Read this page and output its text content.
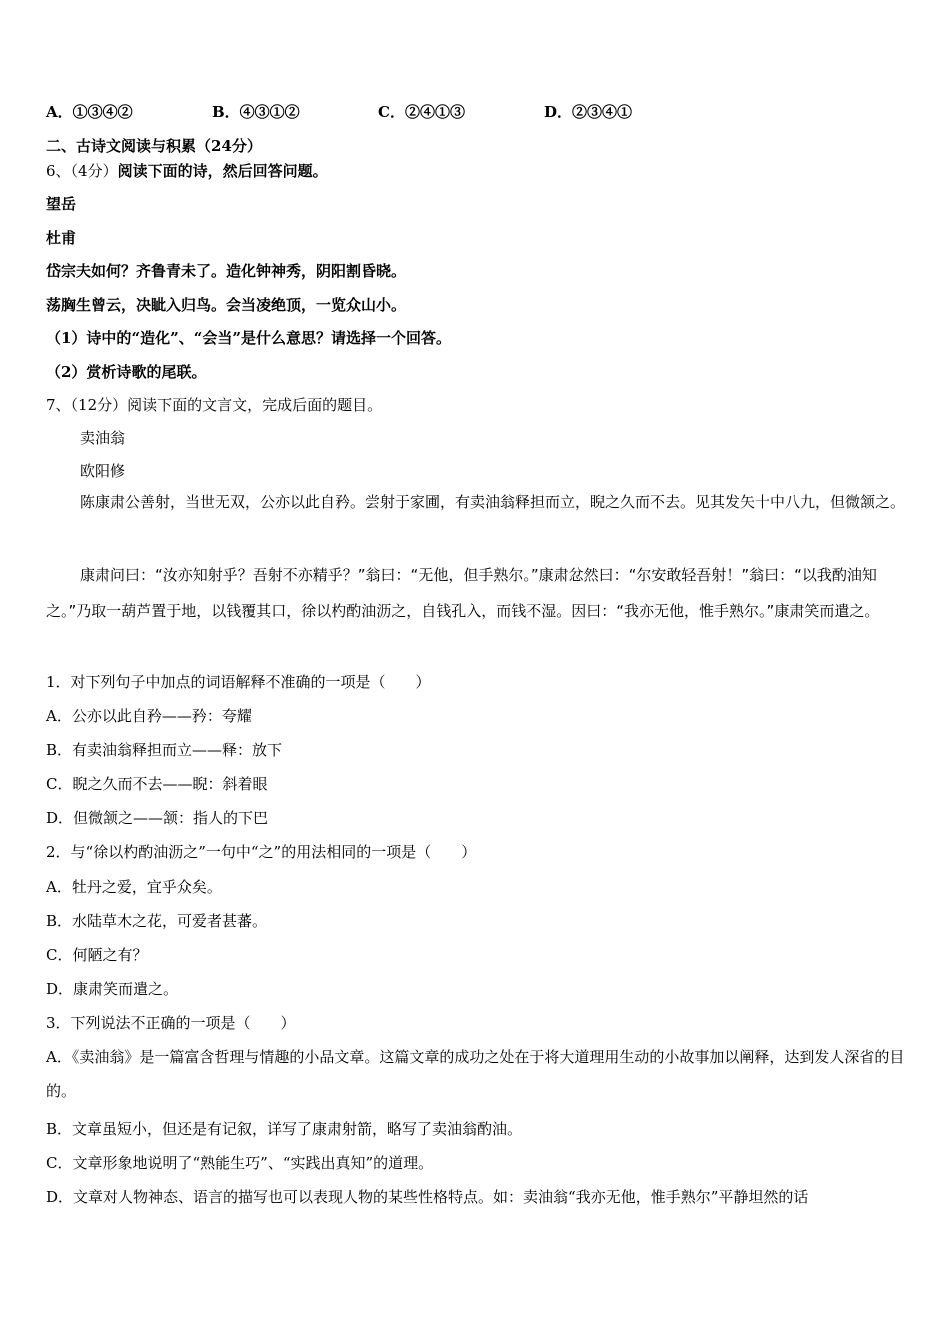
A．①③④②	B．④③①②	C．②④①③	D．②③④①
二、古诗文阅读与积累（24分）
6、（4分）阅读下面的诗，然后回答问题。
望岳
杜甫
岱宗夫如何？齐鲁青未了。造化钟神秀，阴阳割昏晓。
荡胸生曾云，决眦入归鸟。会当凌绝顶，一览众山小。
（1）诗中的“造化”、“会当”是什么意思？请选择一个回答。
（2）赏析诗歌的尾联。
7、（12分）阅读下面的文言文，完成后面的题目。
卖油翁
欧阳修
陈康肃公善射，当世无双，公亦以此自矜。尝射于家圃，有卖油翁释担而立，睨之久而不去。见其发矢十中八九，但微颔之。
康肃问曰：“汝亦知射乎？吾射不亦精乎？”翁曰：“无他，但手熟尔。”康肃忿然曰：“尔安敢轻吾射！”翁曰：“以我酌油知之。”乃取一葫芦置于地，以钱覆其口，徐以杓酌油沥之，自钱孔入，而钱不湿。因曰：“我亦无他，惟手熟尔。”康肃笑而遣之。
1．对下列句子中加点的词语解释不准确的一项是（　　）
A．公亦以此自矜——矜：夸耀
B．有卖油翁释担而立——释：放下
C．睨之久而不去——睨：斜着眼
D．但微颔之——颔：指人的下巴
2．与“徐以杓酌油沥之”一句中“之”的用法相同的一项是（　　）
A．牡丹之爱，宜乎众矣。
B．水陆草木之花，可爱者甚蕃。
C．何陋之有？
D．康肃笑而遣之。
3．下列说法不正确的一项是（　　）
A．《卖油翁》是一篇富含哲理与情趣的小品文章。这篇文章的成功之处在于将大道理用生动的小故事加以阐释，达到发人深省的目的。
B．文章虽短小，但还是有记叙，详写了康肃射箭，略写了卖油翁酌油。
C．文章形象地说明了“熟能生巧”、“实践出真知”的道理。
D．文章对人物神态、语言的描写也可以表现人物的某些性格特点。如：卖油翁“我亦无他，惟手熟尔”平静坦然的话
